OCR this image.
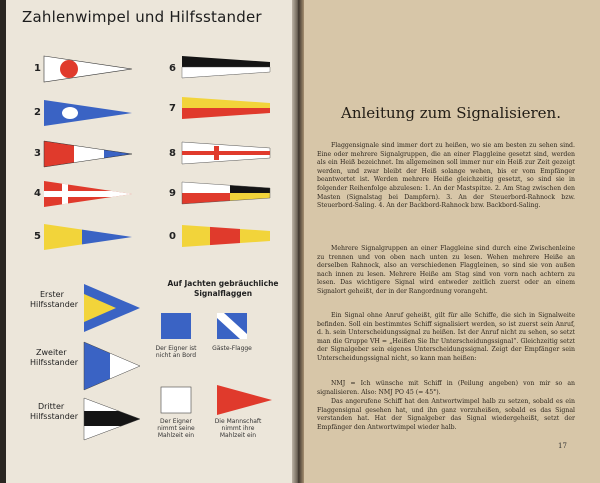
Zahlenwimpel und Hilfsstander
1
2
3
4
5
6
7
8
9
0
Erster
Hilfsstander
Zweiter
Hilfsstander
Dritter
Hilfsstander
Auf Jachten gebräuchliche
Signalflaggen
Der Eigner ist nicht an Bord
Gäste-Flagge
Der Eigner nimmt seine Mahlzeit ein
Die Mannschaft nimmt ihre Mahlzeit ein
Anleitung zum Signalisieren.
Flaggensignale sind immer dort zu heißen, wo sie am besten zu sehen sind. Eine oder mehrere Signalgruppen, die an einer Flaggleine gesetzt sind, werden als ein Heiß bezeichnet. Im allgemeinen soll immer nur ein Heiß zur Zeit gezeigt werden, und zwar bleibt der Heiß solange wehen, bis er vom Empfänger beantwortet ist. Werden mehrere Heiße gleichzeitig gesetzt, so sind sie in folgender Reihenfolge abzulesen: 1. An der Mastspitze. 2. Am Stag zwischen den Masten (Signalstag bei Dampfern). 3. An der Steuerbord-Rahnock bzw. Steuerbord-Saling. 4. An der Backbord-Rahnock bzw. Backbord-Saling.
Mehrere Signalgruppen an einer Flaggleine sind durch eine Zwischenleine zu trennen und von oben nach unten zu lesen. Wehen mehrere Heiße an derselben Rahnock, also an verschiedenen Flaggleinen, so sind sie von außen nach innen zu lesen. Mehrere Heiße am Stag sind von vorn nach achtern zu lesen. Das wichtigere Signal wird entweder zeitlich zuerst oder an einem Signalort geheißt, der in der Rangordnung vorangeht.
Ein Signal ohne Anruf geheißt, gilt für alle Schiffe, die sich in Signalweite befinden. Soll ein bestimmtes Schiff signalisiert werden, so ist zuerst sein Anruf, d. h. sein Unterscheidungssignal zu heißen. Ist der Anruf nicht zu sehen, so setzt man die Gruppe VH = „Heißen Sie Ihr Unterscheidungssignal“. Gleichzeitig setzt der Signalgeber sein eigenes Unterscheidungssignal. Zeigt der Empfänger sein Unterscheidungssignal nicht, so kann man heißen:
NMJ = Ich wünsche mit Schiff in (Peilung angeben) von mir so an signalisieren. Also: NMJ PO 45 (= 45°).
Das angerufene Schiff hat den Antwortwimpel halb zu setzen, sobald es ein Flaggensignal gesehen hat, und ihn ganz vorzuheißen, sobald es das Signal verstanden hat. Hat der Signalgeber das Signal wiedergeheißt, setzt der Empfänger den Antwortwimpel wieder halb.
17
